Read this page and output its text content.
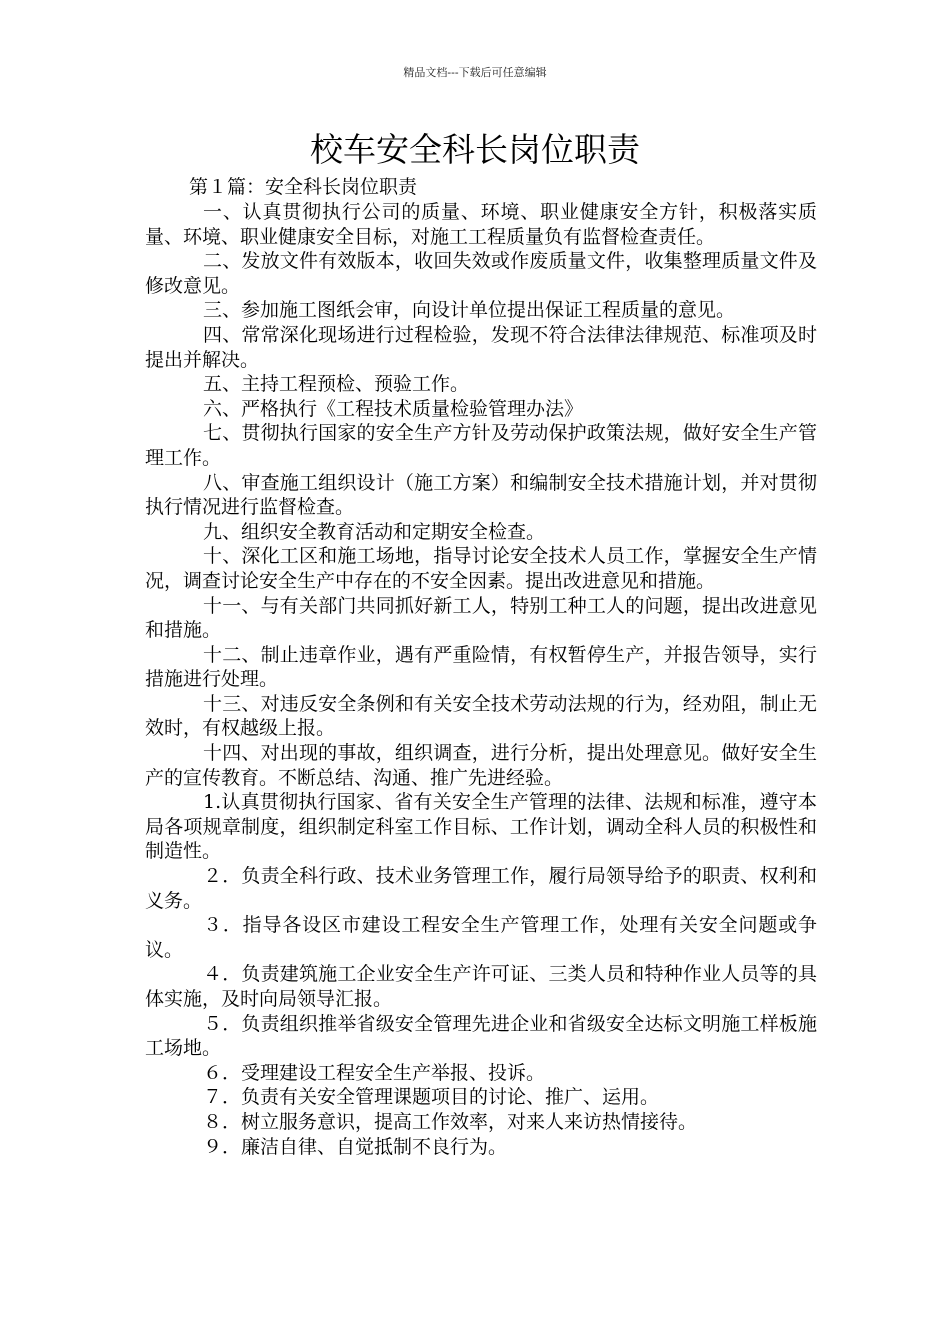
精品文档---下载后可任意编辑
校车安全科长岗位职责

第１篇：安全科长岗位职责

一、认真贯彻执行公司的质量、环境、职业健康安全方针，积极落实质量、环境、职业健康安全目标，对施工工程质量负有监督检查责任。

二、发放文件有效版本，收回失效或作废质量文件，收集整理质量文件及修改意见。

三、参加施工图纸会审，向设计单位提出保证工程质量的意见。

四、常常深化现场进行过程检验，发现不符合法律法律规范、标准项及时提出并解决。

五、主持工程预检、预验工作。

六、严格执行《工程技术质量检验管理办法》

七、贯彻执行国家的安全生产方针及劳动保护政策法规，做好安全生产管理工作。

八、审查施工组织设计（施工方案）和编制安全技术措施计划，并对贯彻执行情况进行监督检查。

九、组织安全教育活动和定期安全检查。

十、深化工区和施工场地，指导讨论安全技术人员工作，掌握安全生产情况，调查讨论安全生产中存在的不安全因素。提出改进意见和措施。

十一、与有关部门共同抓好新工人，特别工种工人的问题，提出改进意见和措施。

十二、制止违章作业，遇有严重险情，有权暂停生产，并报告领导，实行措施进行处理。

十三、对违反安全条例和有关安全技术劳动法规的行为，经劝阻，制止无效时，有权越级上报。

十四、对出现的事故，组织调查，进行分析，提出处理意见。做好安全生产的宣传教育。不断总结、沟通、推广先进经验。

1.认真贯彻执行国家、省有关安全生产管理的法律、法规和标准，遵守本局各项规章制度，组织制定科室工作目标、工作计划，调动全科人员的积极性和制造性。

２．负责全科行政、技术业务管理工作，履行局领导给予的职责、权利和义务。

３．指导各设区市建设工程安全生产管理工作，处理有关安全问题或争议。

４．负责建筑施工企业安全生产许可证、三类人员和特种作业人员等的具体实施，及时向局领导汇报。

５．负责组织推举省级安全管理先进企业和省级安全达标文明施工样板施工场地。

６．受理建设工程安全生产举报、投诉。

７．负责有关安全管理课题项目的讨论、推广、运用。

８．树立服务意识，提高工作效率，对来人来访热情接待。

９．廉洁自律、自觉抵制不良行为。
